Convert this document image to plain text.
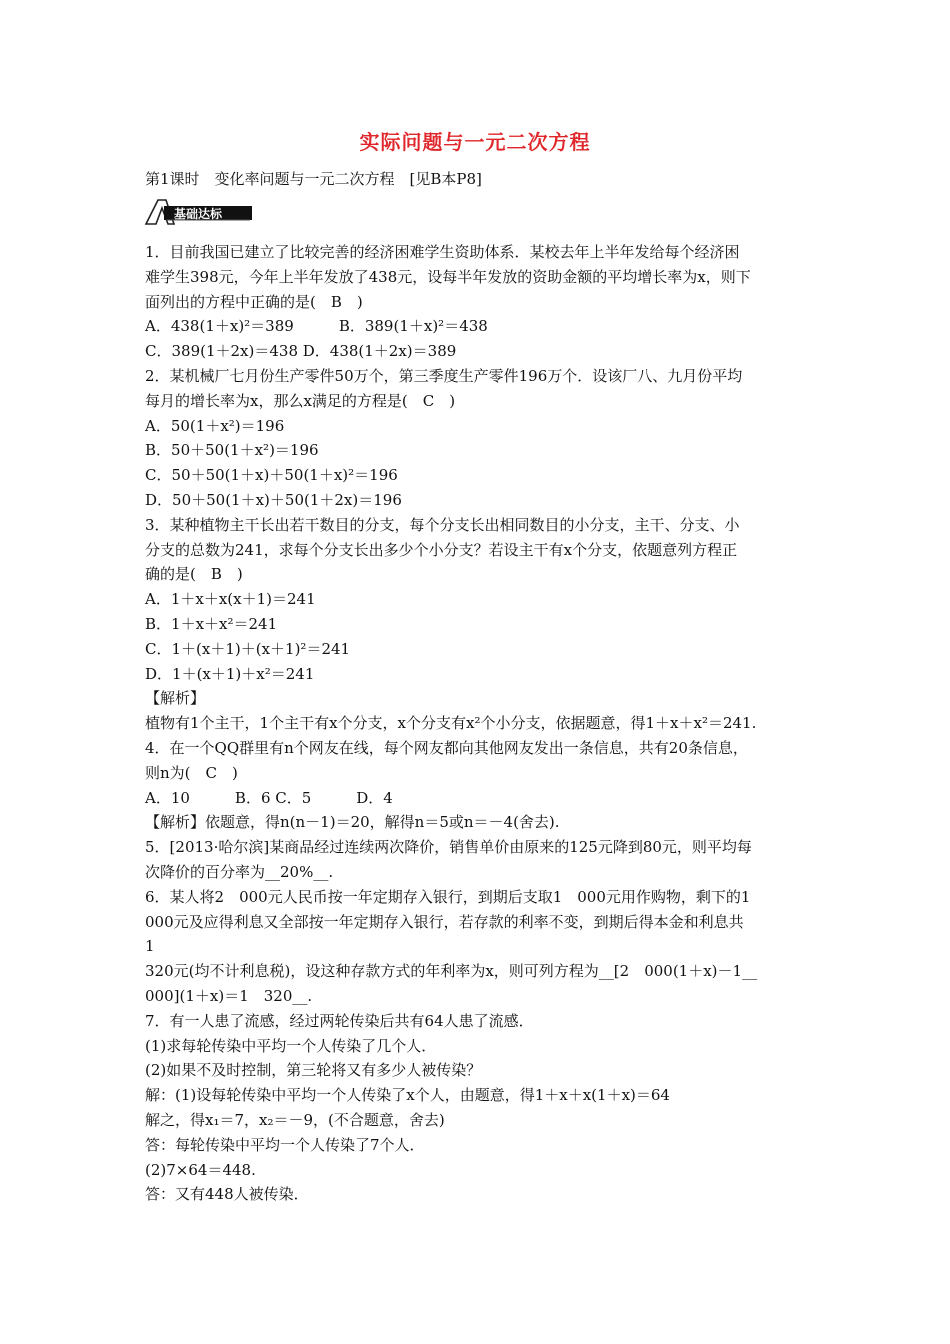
实际问题与一元二次方程
第1课时　变化率问题与一元二次方程　[见B本P8]
基础达标
A
1．目前我国已建立了比较完善的经济困难学生资助体系．某校去年上半年发给每个经济困
难学生398元，今年上半年发放了438元，设每半年发放的资助金额的平均增长率为x，则下
面列出的方程中正确的是(　B　)
A．438(1＋x)²＝389　　　B．389(1＋x)²＝438
C．389(1＋2x)＝438 D．438(1＋2x)＝389
2．某机械厂七月份生产零件50万个，第三季度生产零件196万个．设该厂八、九月份平均
每月的增长率为x，那么x满足的方程是(　C　)
A．50(1＋x²)＝196
B．50＋50(1＋x²)＝196
C．50＋50(1＋x)＋50(1＋x)²＝196
D．50＋50(1＋x)＋50(1＋2x)＝196
3．某种植物主干长出若干数目的分支，每个分支长出相同数目的小分支，主干、分支、小
分支的总数为241，求每个分支长出多少个小分支？若设主干有x个分支，依题意列方程正
确的是(　B　)
A．1＋x＋x(x＋1)＝241
B．1＋x＋x²＝241
C．1＋(x＋1)＋(x＋1)²＝241
D．1＋(x＋1)＋x²＝241
【解析】
植物有1个主干，1个主干有x个分支，x个分支有x²个小分支，依据题意，得1＋x＋x²＝241.
4．在一个QQ群里有n个网友在线，每个网友都向其他网友发出一条信息，共有20条信息，
则n为(　C　)
A．10　　　B．6 C．5　　　D．4
【解析】依题意，得n(n－1)＝20，解得n＝5或n＝－4(舍去).
5．[2013·哈尔滨]某商品经过连续两次降价，销售单价由原来的125元降到80元，则平均每
次降价的百分率为__20%__.
6．某人将2　000元人民币按一年定期存入银行，到期后支取1　000元用作购物，剩下的1
000元及应得利息又全部按一年定期存入银行，若存款的利率不变，到期后得本金和利息共
1
320元(均不计利息税)，设这种存款方式的年利率为x，则可列方程为__[2　000(1＋x)－1__
000](1＋x)＝1　320__.
7．有一人患了流感，经过两轮传染后共有64人患了流感．
(1)求每轮传染中平均一个人传染了几个人．
(2)如果不及时控制，第三轮将又有多少人被传染？
解：(1)设每轮传染中平均一个人传染了x个人，由题意，得1＋x＋x(1＋x)＝64
解之，得x₁＝7，x₂＝－9，(不合题意，舍去)
答：每轮传染中平均一个人传染了7个人．
(2)7×64＝448.
答：又有448人被传染．
